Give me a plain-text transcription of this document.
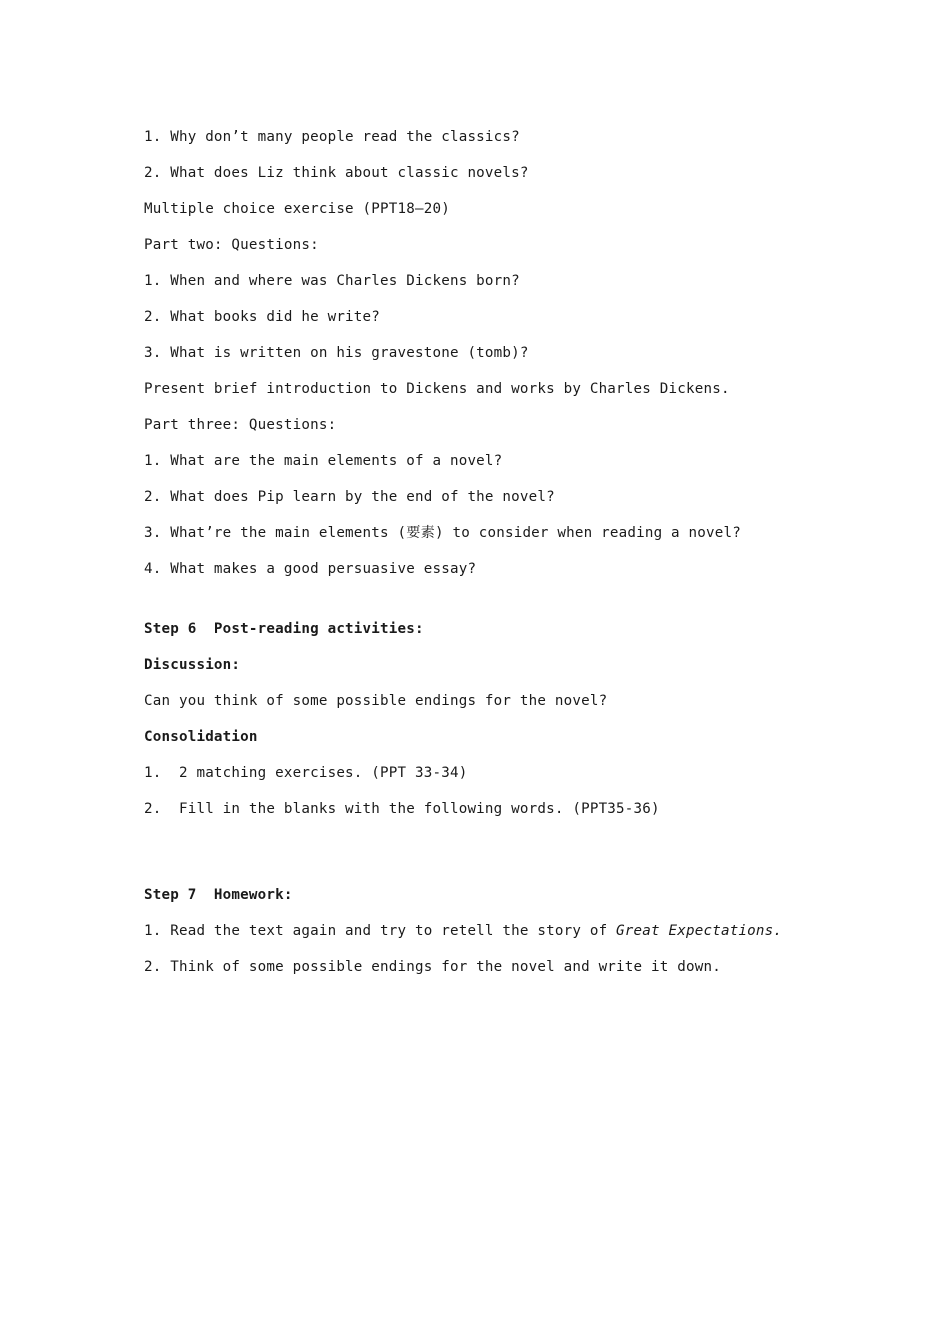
1. Why don’t many people read the classics?

2. What does Liz think about classic novels?

Multiple choice exercise (PPT18—20)

Part two: Questions:

1. When and where was Charles Dickens born?

2. What books did he write?

3. What is written on his gravestone (tomb)?

Present brief introduction to Dickens and works by Charles Dickens.

Part three: Questions:

1. What are the main elements of a novel?

2. What does Pip learn by the end of the novel?

3. What’re the main elements (要素) to consider when reading a novel?

4. What makes a good persuasive essay?

Step 6  Post-reading activities:

Discussion:

Can you think of some possible endings for the novel?

Consolidation

1.  2 matching exercises. (PPT 33-34)

2.  Fill in the blanks with the following words. (PPT35-36)

Step 7  Homework:

1. Read the text again and try to retell the story of Great Expectations.

2. Think of some possible endings for the novel and write it down.
